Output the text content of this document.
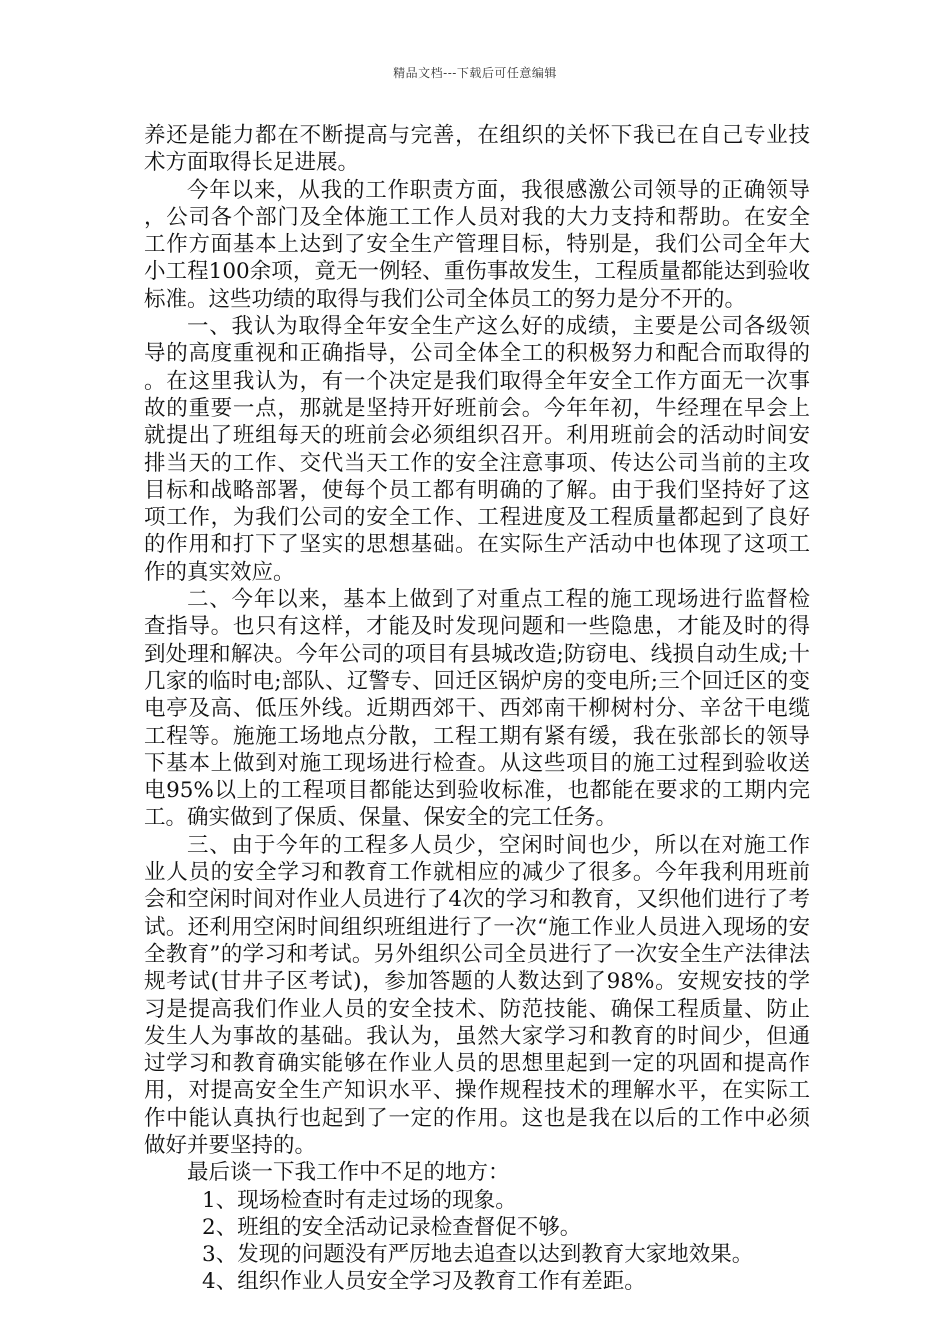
精品文档---下载后可任意编辑

养还是能力都在不断提高与完善，在组织的关怀下我已在自己专业技术方面取得长足进展。

今年以来，从我的工作职责方面，我很感激公司领导的正确领导，公司各个部门及全体施工工作人员对我的大力支持和帮助。在安全工作方面基本上达到了安全生产管理目标，特别是，我们公司全年大小工程100余项，竟无一例轻、重伤事故发生，工程质量都能达到验收标准。这些功绩的取得与我们公司全体员工的努力是分不开的。

一、我认为取得全年安全生产这么好的成绩，主要是公司各级领导的高度重视和正确指导，公司全体全工的积极努力和配合而取得的。在这里我认为，有一个决定是我们取得全年安全工作方面无一次事故的重要一点，那就是坚持开好班前会。今年年初，牛经理在早会上就提出了班组每天的班前会必须组织召开。利用班前会的活动时间安排当天的工作、交代当天工作的安全注意事项、传达公司当前的主攻目标和战略部署，使每个员工都有明确的了解。由于我们坚持好了这项工作，为我们公司的安全工作、工程进度及工程质量都起到了良好的作用和打下了坚实的思想基础。在实际生产活动中也体现了这项工作的真实效应。

二、今年以来，基本上做到了对重点工程的施工现场进行监督检查指导。也只有这样，才能及时发现问题和一些隐患，才能及时的得到处理和解决。今年公司的项目有县城改造;防窃电、线损自动生成;十几家的临时电;部队、辽警专、回迁区锅炉房的变电所;三个回迁区的变电亭及高、低压外线。近期西郊干、西郊南干柳树村分、辛岔干电缆工程等。施施工场地点分散，工程工期有紧有缓，我在张部长的领导下基本上做到对施工现场进行检查。从这些项目的施工过程到验收送电95%以上的工程项目都能达到验收标准，也都能在要求的工期内完工。确实做到了保质、保量、保安全的完工任务。

三、由于今年的工程多人员少，空闲时间也少，所以在对施工作业人员的安全学习和教育工作就相应的减少了很多。今年我利用班前会和空闲时间对作业人员进行了4次的学习和教育，又织他们进行了考试。还利用空闲时间组织班组进行了一次“施工作业人员进入现场的安全教育”的学习和考试。另外组织公司全员进行了一次安全生产法律法规考试(甘井子区考试)，参加答题的人数达到了98%。安规安技的学习是提高我们作业人员的安全技术、防范技能、确保工程质量、防止发生人为事故的基础。我认为，虽然大家学习和教育的时间少，但通过学习和教育确实能够在作业人员的思想里起到一定的巩固和提高作用，对提高安全生产知识水平、操作规程技术的理解水平，在实际工作中能认真执行也起到了一定的作用。这也是我在以后的工作中必须做好并要坚持的。

最后谈一下我工作中不足的地方：

1、现场检查时有走过场的现象。

2、班组的安全活动记录检查督促不够。

3、发现的问题没有严厉地去追查以达到教育大家地效果。

4、组织作业人员安全学习及教育工作有差距。
